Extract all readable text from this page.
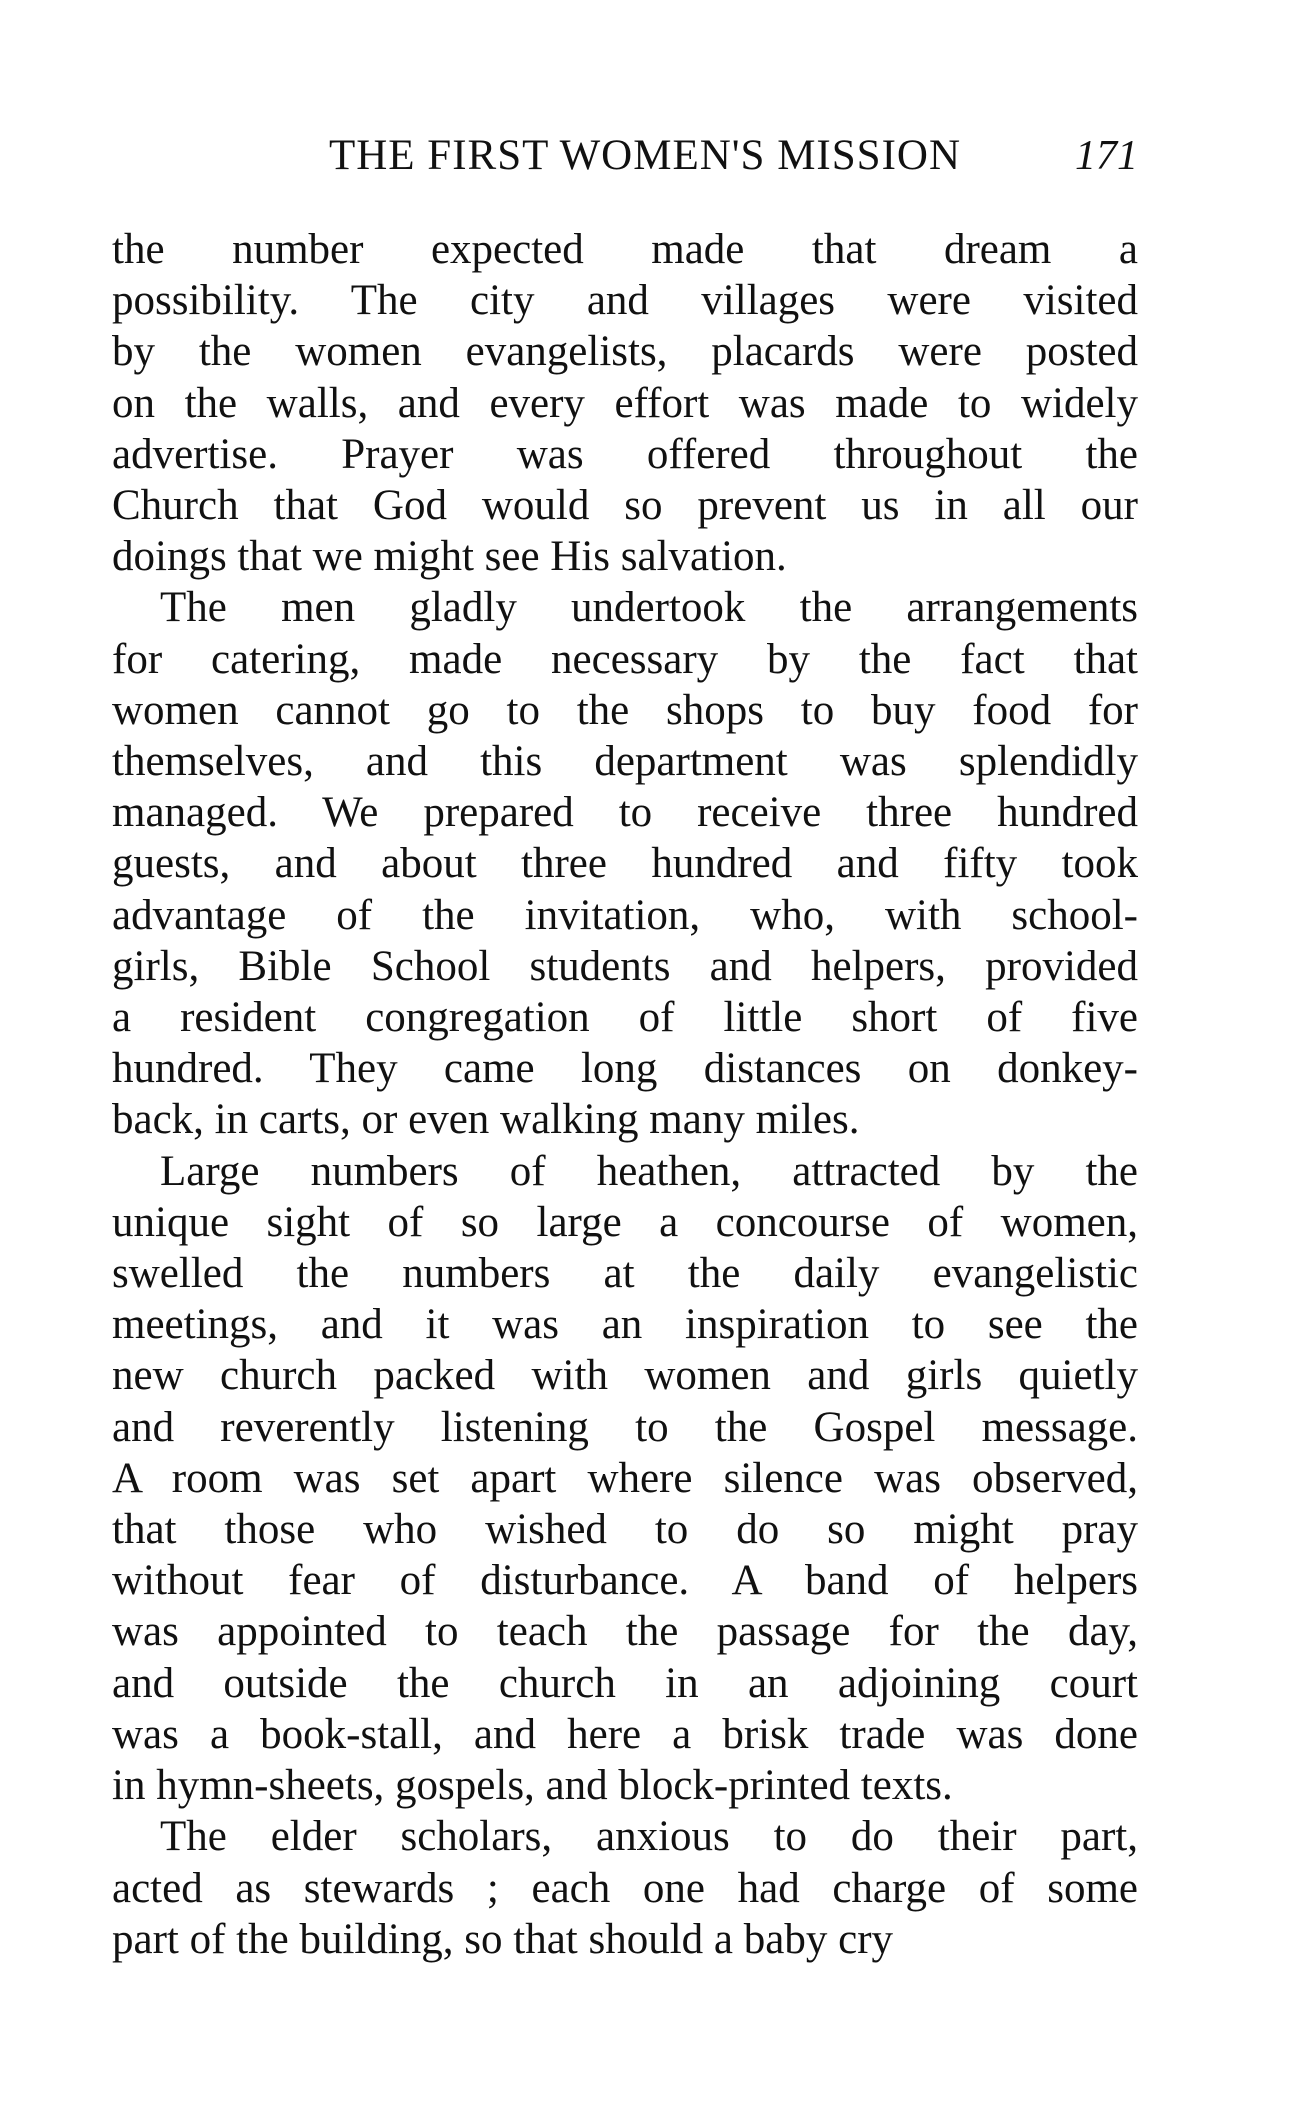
THE FIRST WOMEN'S MISSION	171

the number expected made that dream a
possibility. The city and villages were visited
by the women evangelists, placards were posted
on the walls, and every effort was made to widely
advertise. Prayer was offered throughout the
Church that God would so prevent us in all our
doings that we might see His salvation.

The men gladly undertook the arrangements
for catering, made necessary by the fact that
women cannot go to the shops to buy food for
themselves, and this department was splendidly
managed. We prepared to receive three hundred
guests, and about three hundred and fifty took
advantage of the invitation, who, with school-
girls, Bible School students and helpers, provided
a resident congregation of little short of five
hundred. They came long distances on donkey-
back, in carts, or even walking many miles.

Large numbers of heathen, attracted by the
unique sight of so large a concourse of women,
swelled the numbers at the daily evangelistic
meetings, and it was an inspiration to see the
new church packed with women and girls quietly
and reverently listening to the Gospel message.
A room was set apart where silence was observed,
that those who wished to do so might pray
without fear of disturbance. A band of helpers
was appointed to teach the passage for the day,
and outside the church in an adjoining court
was a book-stall, and here a brisk trade was done
in hymn-sheets, gospels, and block-printed texts.

The elder scholars, anxious to do their part,
acted as stewards ; each one had charge of some
part of the building, so that should a baby cry
